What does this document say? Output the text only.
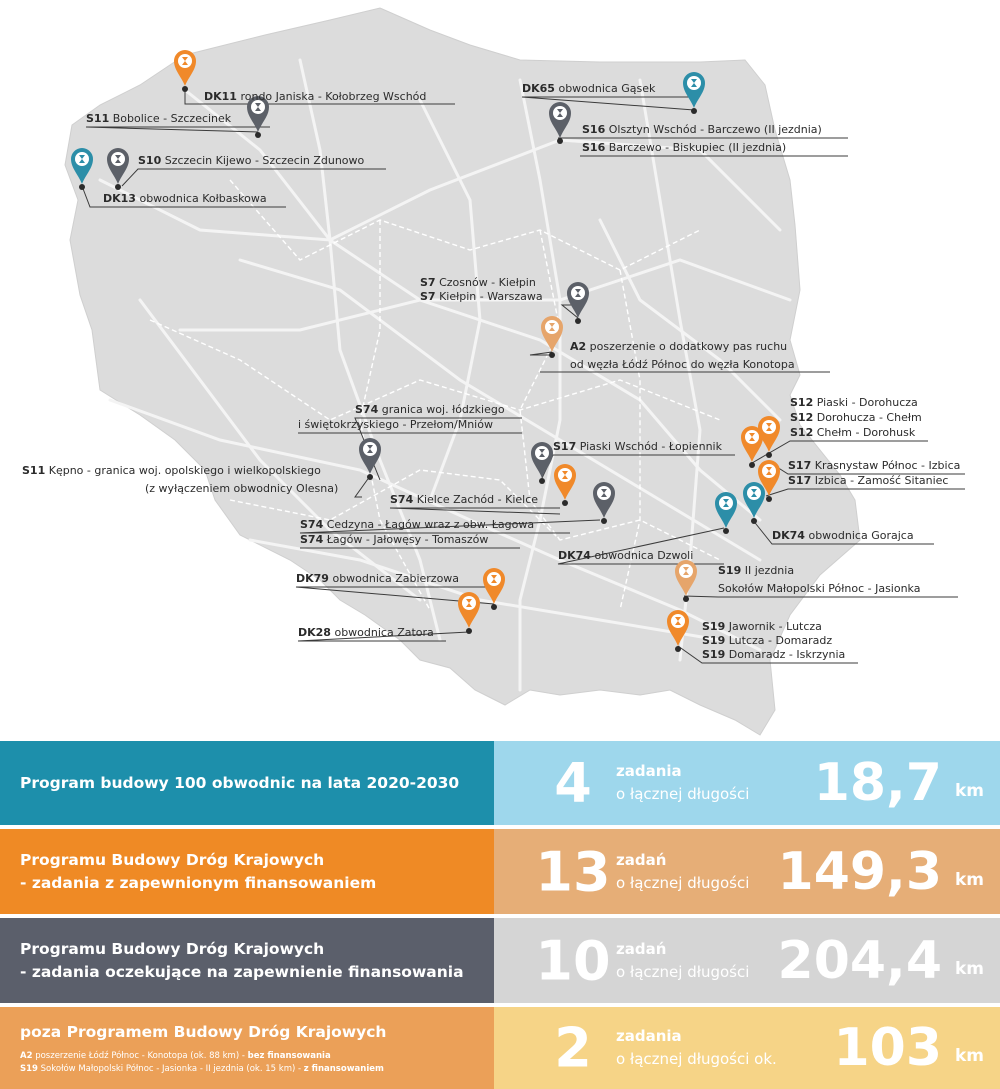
DK11 rondo Janiska - Kołobrzeg Wschód
S11 Bobolice - Szczecinek
S10 Szczecin Kijewo - Szczecin Zdunowo
DK13 obwodnica Kołbaskowa
DK65 obwodnica Gąsek
S16 Olsztyn Wschód - Barczewo (II jezdnia)
S16 Barczewo - Biskupiec (II jezdnia)
S7 Czosnów - Kiełpin
S7 Kiełpin - Warszawa
A2 poszerzenie o dodatkowy pas ruchu
od węzła Łódź Północ do węzła Konotopa
S74 granica woj. łódzkiego
i świętokrzyskiego - Przełom/Mniów
S17 Piaski Wschód - Łopiennik
S12 Piaski - Dorohucza
S12 Dorohucza - Chełm
S12 Chełm - Dorohusk
S11 Kępno - granica woj. opolskiego i wielkopolskiego
(z wyłączeniem obwodnicy Olesna)
S17 Krasnystaw Północ - Izbica
S17 Izbica - Zamość Sitaniec
S74 Kielce Zachód - Kielce
S74 Cedzyna - Łagów wraz z obw. Łagowa
S74 Łagów - Jałowęsy - Tomaszów	DK74 obwodnica Gorajca
DK74 obwodnica Dzwoli
S19 II jezdnia
Sokołów Małopolski Północ - Jasionka
DK79 obwodnica Zabierzowa
DK28 obwodnica Zatora	S19 Jawornik - Lutcza
S19 Lutcza - Domaradz
S19 Domaradz - Iskrzynia
Program budowy 100 obwodnic na lata 2020-2030	4	zadania
o łącznej długości 18,7 km
Programu Budowy Dróg Krajowych
- zadania z zapewnionym finansowaniem	13 zadań
o łącznej długości 149,3 km
Programu Budowy Dróg Krajowych
- zadania oczekujące na zapewnienie finansowania	10 zadań
o łącznej długości 204,4 km
poza Programem Budowy Dróg Krajowych
A2 poszerzenie Łódź Północ - Konotopa (ok. 88 km) - bez finansowania
S19 Sokołów Małopolski Północ - Jasionka - II jezdnia (ok. 15 km) - z finansowaniem	2	zadania
o łącznej długości ok. 103 km
